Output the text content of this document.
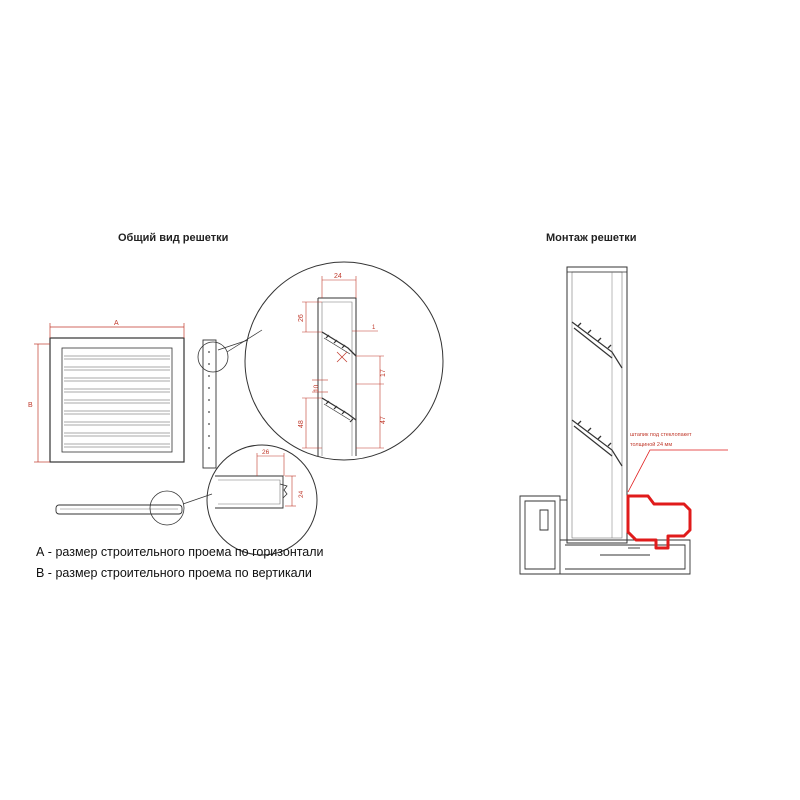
Общий вид решетки	Монтаж решетки
A
B
26
24
24
26
1
17
10
48
47
штапик под стеклопакет
толщиной 24 мм
А - размер строительного проема по горизонтали
В - размер строительного проема по вертикали
